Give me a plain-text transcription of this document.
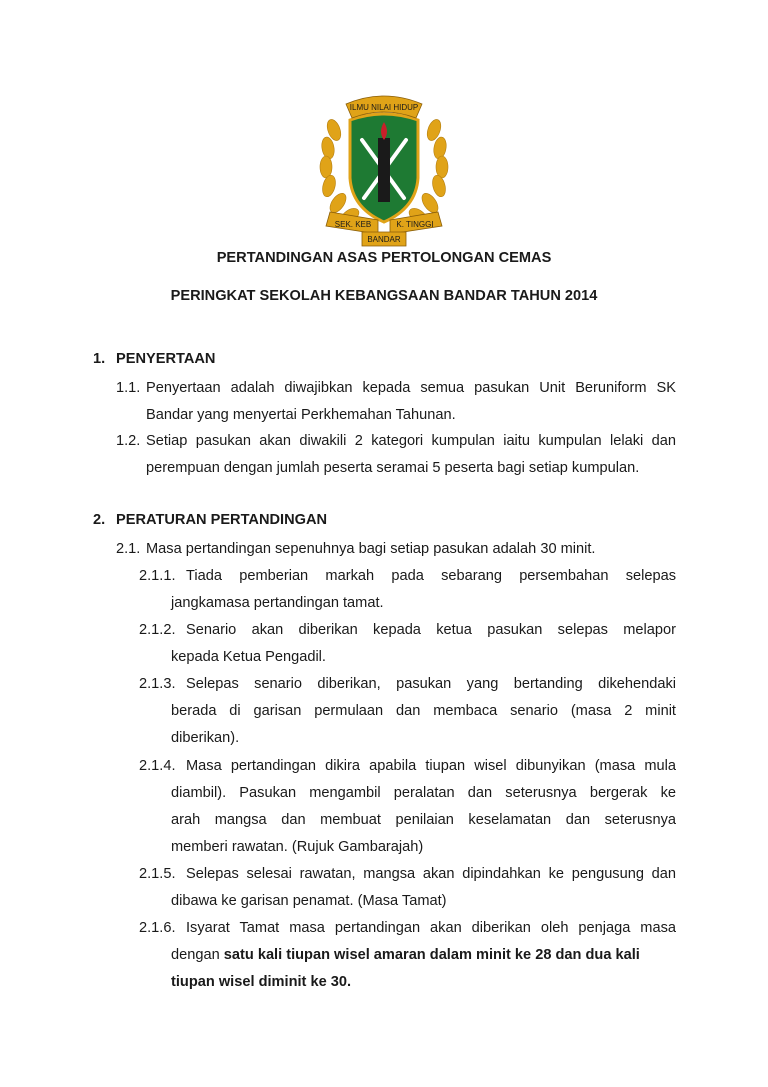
ILMU NILAI HIDUP
SEK. KEB	K. TINGGI
BANDAR
PERTANDINGAN ASAS PERTOLONGAN CEMAS
PERINGKAT SEKOLAH KEBANGSAAN BANDAR TAHUN 2014
1. PENYERTAAN
1.1. Penyertaan adalah diwajibkan kepada semua pasukan Unit Beruniform SK
Bandar yang menyertai Perkhemahan Tahunan.
1.2. Setiap pasukan akan diwakili 2 kategori kumpulan iaitu kumpulan lelaki dan
perempuan dengan jumlah peserta seramai 5 peserta bagi setiap kumpulan.
2. PERATURAN PERTANDINGAN
2.1. Masa pertandingan sepenuhnya bagi setiap pasukan adalah 30 minit.
2.1.1. Tiada pemberian markah pada sebarang persembahan selepas
jangkamasa pertandingan tamat.
2.1.2. Senario akan diberikan kepada ketua pasukan selepas melapor
kepada Ketua Pengadil.
2.1.3. Selepas senario diberikan, pasukan yang bertanding dikehendaki
berada di garisan permulaan dan membaca senario (masa 2 minit
diberikan).
2.1.4. Masa pertandingan dikira apabila tiupan wisel dibunyikan (masa mula
diambil). Pasukan mengambil peralatan dan seterusnya bergerak ke
arah mangsa dan membuat penilaian keselamatan dan seterusnya
memberi rawatan. (Rujuk Gambarajah)
2.1.5. Selepas selesai rawatan, mangsa akan dipindahkan ke pengusung dan
dibawa ke garisan penamat. (Masa Tamat)
2.1.6. Isyarat Tamat masa pertandingan akan diberikan oleh penjaga masa
dengan satu kali tiupan wisel amaran dalam minit ke 28 dan dua kali
tiupan wisel diminit ke 30.
